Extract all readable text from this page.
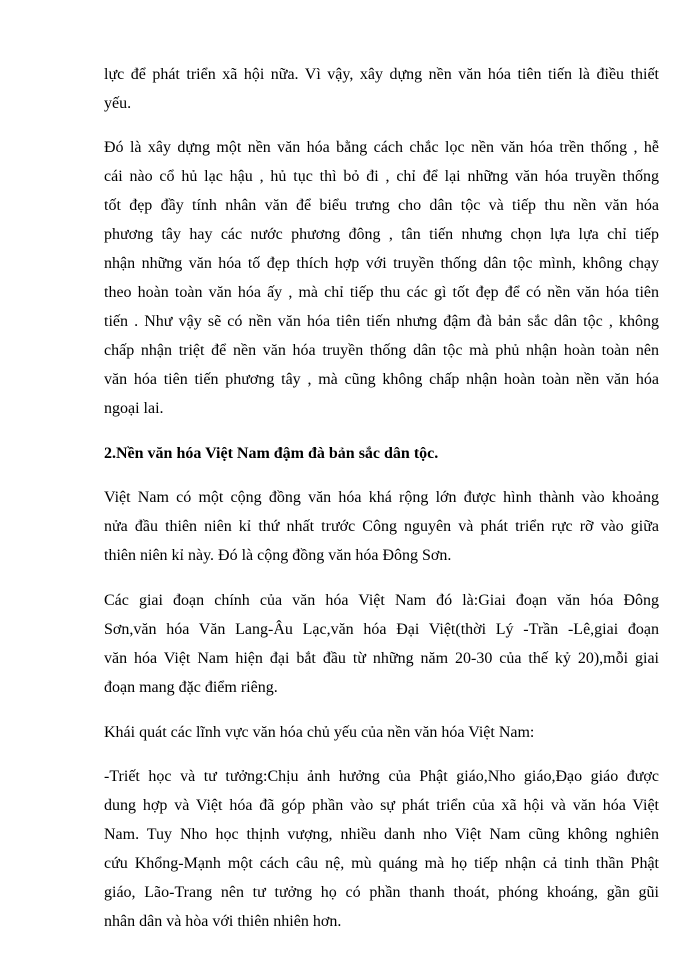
lực để phát triển xã hội nữa. Vì vậy, xây dựng nền văn hóa tiên tiến là điều thiết
yếu.
Đó là xây dựng một nền văn hóa bằng cách chắc lọc nền văn hóa trền thống , hễ
cái nào cổ hủ lạc hậu , hủ tục thì bỏ đi , chỉ để lại những văn hóa truyền thống
tốt đẹp đầy tính nhân văn để biểu trưng cho dân tộc và tiếp thu nền văn hóa
phương tây hay các nước phương đông , tân tiến nhưng chọn lựa lựa chỉ tiếp
nhận những văn hóa tố đẹp thích hợp với truyền thống dân tộc mình, không chạy
theo hoàn toàn văn hóa ấy , mà chỉ tiếp thu các gì tốt đẹp để có nền văn hóa tiên
tiến . Như vậy sẽ có nền văn hóa tiên tiến nhưng đậm đà bản sắc dân tộc , không
chấp nhận triệt để nền văn hóa truyền thống dân tộc mà phủ nhận hoàn toàn nên
văn hóa tiên tiến phương tây , mà cũng không chấp nhận hoàn toàn nền văn hóa
ngoại lai.
2.Nền văn hóa Việt Nam đậm đà bản sắc dân tộc.
Việt Nam có một cộng đồng văn hóa khá rộng lớn được hình thành vào khoảng
nửa đầu thiên niên kỉ thứ nhất trước Công nguyên và phát triển rực rỡ vào giữa
thiên niên kỉ này. Đó là cộng đồng văn hóa Đông Sơn.
Các giai đoạn chính của văn hóa Việt Nam đó là:Giai đoạn văn hóa Đông
Sơn,văn hóa Văn Lang-Âu Lạc,văn hóa Đại Việt(thời Lý -Trần -Lê,giai đoạn
văn hóa Việt Nam hiện đại bắt đầu từ những năm 20-30 của thế kỷ 20),mỗi giai
đoạn mang đặc điểm riêng.
Khái quát các lĩnh vực văn hóa chủ yếu của nền văn hóa Việt Nam:
-Triết học và tư tưởng:Chịu ảnh hưởng của Phật giáo,Nho giáo,Đạo giáo được
dung hợp và Việt hóa đã góp phần vào sự phát triển của xã hội và văn hóa Việt
Nam. Tuy Nho học thịnh vượng, nhiều danh nho Việt Nam cũng không nghiên
cứu Khổng-Mạnh một cách câu nệ, mù quáng mà họ tiếp nhận cả tinh thần Phật
giáo, Lão-Trang nên tư tưởng họ có phần thanh thoát, phóng khoáng, gần gũi
nhân dân và hòa với thiên nhiên hơn.
